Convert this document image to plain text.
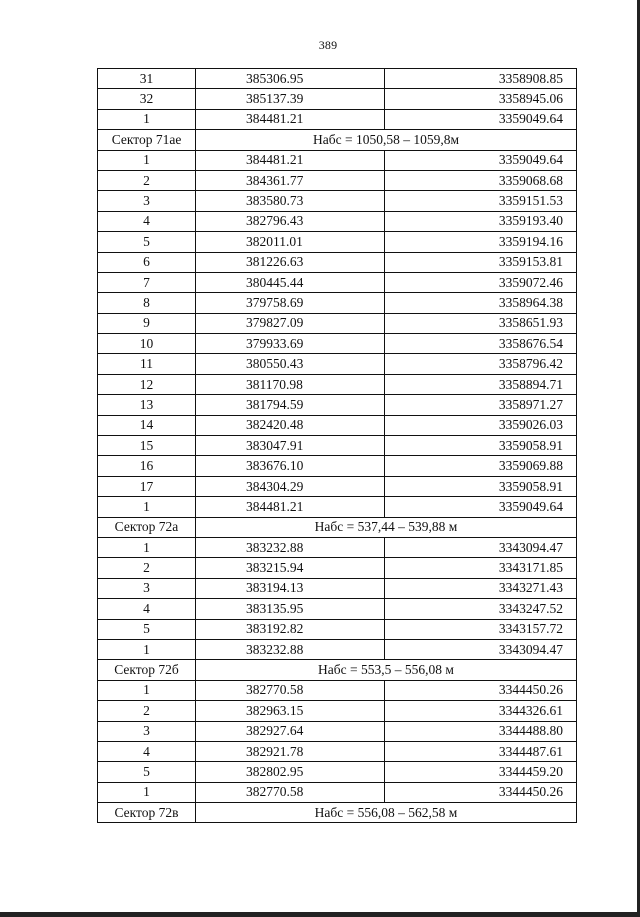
389
31	385306.95	3358908.85
32	385137.39	3358945.06
1	384481.21	3359049.64
Сектор 71ае	Набс = 1050,58 – 1059,8м	
1	384481.21	3359049.64
2	384361.77	3359068.68
3	383580.73	3359151.53
4	382796.43	3359193.40
5	382011.01	3359194.16
6	381226.63	3359153.81
7	380445.44	3359072.46
8	379758.69	3358964.38
9	379827.09	3358651.93
10	379933.69	3358676.54
11	380550.43	3358796.42
12	381170.98	3358894.71
13	381794.59	3358971.27
14	382420.48	3359026.03
15	383047.91	3359058.91
16	383676.10	3359069.88
17	384304.29	3359058.91
1	384481.21	3359049.64
Сектор 72а	Набс = 537,44 – 539,88 м	
1	383232.88	3343094.47
2	383215.94	3343171.85
3	383194.13	3343271.43
4	383135.95	3343247.52
5	383192.82	3343157.72
1	383232.88	3343094.47
Сектор 72б	Набс = 553,5 – 556,08 м	
1	382770.58	3344450.26
2	382963.15	3344326.61
3	382927.64	3344488.80
4	382921.78	3344487.61
5	382802.95	3344459.20
1	382770.58	3344450.26
Сектор 72в	Набс = 556,08 – 562,58 м	
